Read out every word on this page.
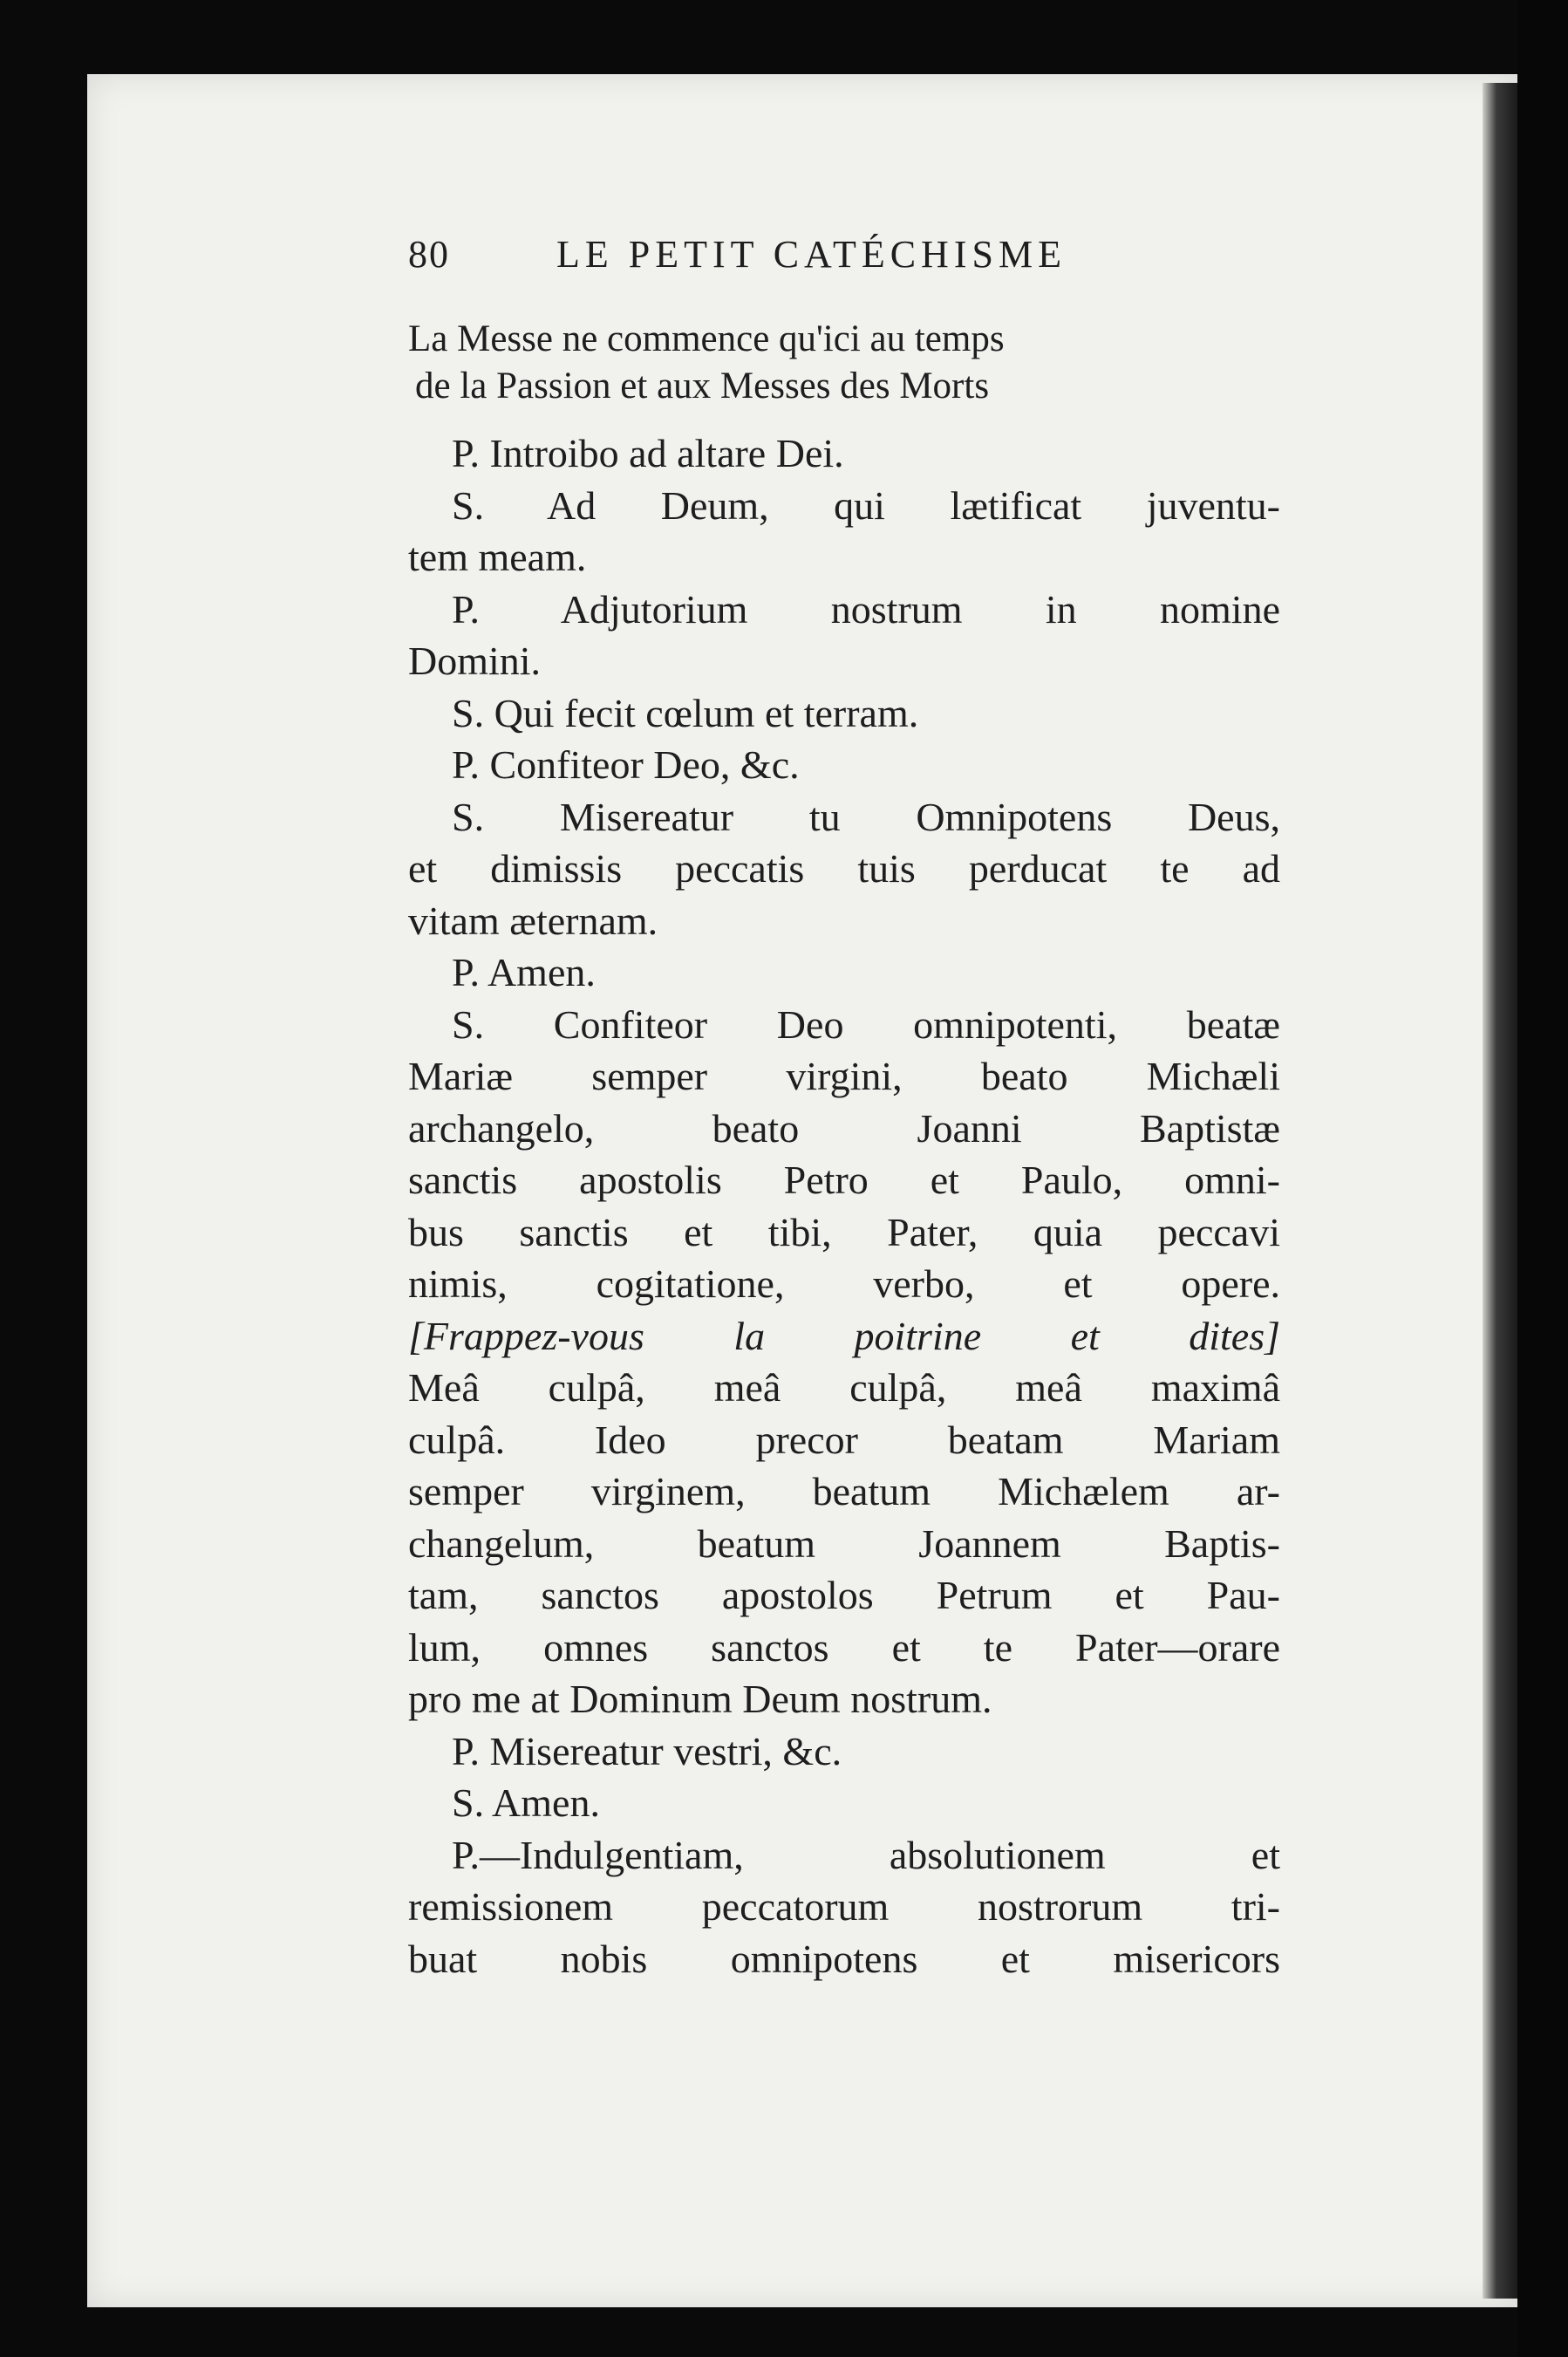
80	LE PETIT CATÉCHISME
La Messe ne commence qu'ici au temps
de la Passion et aux Messes des Morts
P. Introibo ad altare Dei.
S. Ad Deum, qui lætificat juventu-
tem meam.
P. Adjutorium nostrum in nomine
Domini.
S. Qui fecit cœlum et terram.
P. Confiteor Deo, &c.
S. Misereatur tu Omnipotens Deus,
et dimissis peccatis tuis perducat te ad
vitam æternam.
P. Amen.
S. Confiteor Deo omnipotenti, beatæ
Mariæ semper virgini, beato Michæli
archangelo, beato Joanni Baptistæ
sanctis apostolis Petro et Paulo, omni-
bus sanctis et tibi, Pater, quia peccavi
nimis, cogitatione, verbo, et opere.
[Frappez-vous la poitrine et dites]
Meâ culpâ, meâ culpâ, meâ maximâ
culpâ. Ideo precor beatam Mariam
semper virginem, beatum Michælem ar-
changelum, beatum Joannem Baptis-
tam, sanctos apostolos Petrum et Pau-
lum, omnes sanctos et te Pater—orare
pro me at Dominum Deum nostrum.
P. Misereatur vestri, &c.
S. Amen.
P.—Indulgentiam, absolutionem et
remissionem peccatorum nostrorum tri-
buat nobis omnipotens et misericors
